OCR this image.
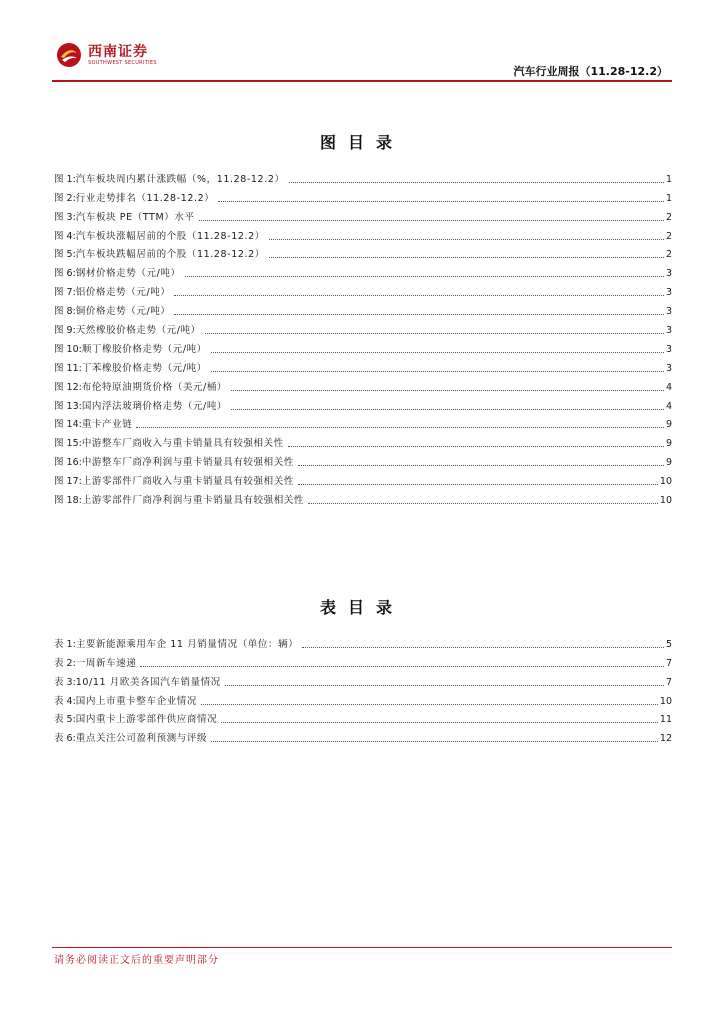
西南证券
SOUTHWEST SECURITIES
汽车行业周报（11.28-12.2）
图目录
图 1: 汽车板块周内累计涨跌幅（%，11.28-12.2）	1
图 2: 行业走势排名（11.28-12.2）	1
图 3: 汽车板块 PE（TTM）水平	2
图 4: 汽车板块涨幅居前的个股（11.28-12.2）	2
图 5: 汽车板块跌幅居前的个股（11.28-12.2）	2
图 6: 钢材价格走势（元/吨）	3
图 7: 铝价格走势（元/吨）	3
图 8: 铜价格走势（元/吨）	3
图 9: 天然橡胶价格走势（元/吨）	3
图 10: 顺丁橡胶价格走势（元/吨）	3
图 11: 丁苯橡胶价格走势（元/吨）	3
图 12: 布伦特原油期货价格（美元/桶）	4
图 13: 国内浮法玻璃价格走势（元/吨）	4
图 14: 重卡产业链	9
图 15: 中游整车厂商收入与重卡销量具有较强相关性	9
图 16: 中游整车厂商净利润与重卡销量具有较强相关性	9
图 17: 上游零部件厂商收入与重卡销量具有较强相关性	10
图 18: 上游零部件厂商净利润与重卡销量具有较强相关性	10
表目录
表 1: 主要新能源乘用车企 11 月销量情况（单位：辆）	5
表 2: 一周新车速递	7
表 3: 10/11 月欧美各国汽车销量情况	7
表 4: 国内上市重卡整车企业情况	10
表 5: 国内重卡上游零部件供应商情况	11
表 6: 重点关注公司盈利预测与评级	12
请务必阅读正文后的重要声明部分
